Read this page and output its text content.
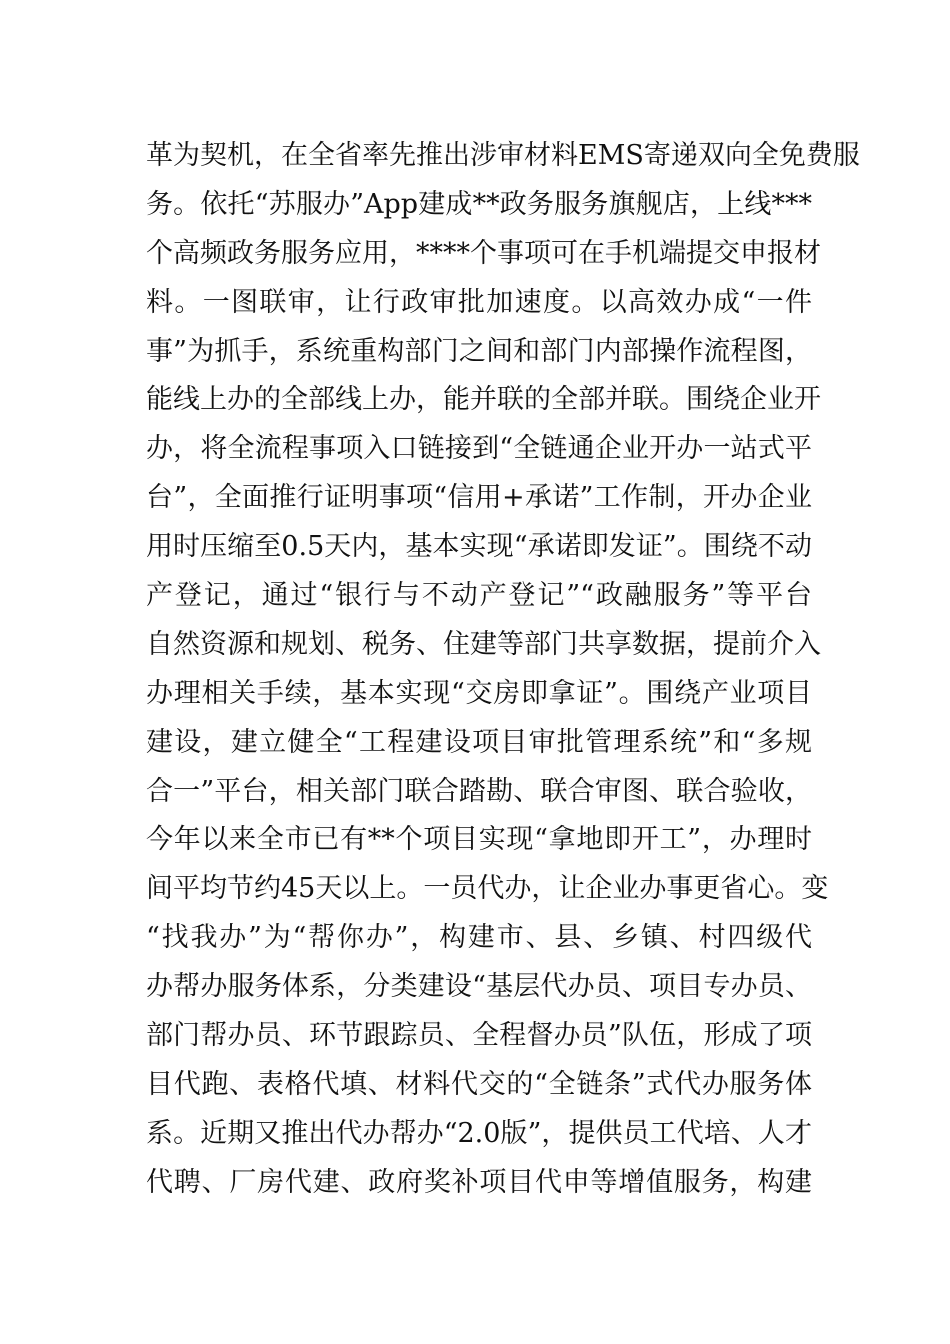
革为契机，在全省率先推出涉审材料EMS寄递双向全免费服
务。依托“苏服办”App建成**政务服务旗舰店，上线***
个高频政务服务应用，****个事项可在手机端提交申报材
料。一图联审，让行政审批加速度。以高效办成“一件
事”为抓手，系统重构部门之间和部门内部操作流程图，
能线上办的全部线上办，能并联的全部并联。围绕企业开
办，将全流程事项入口链接到“全链通企业开办一站式平
台”，全面推行证明事项“信用+承诺”工作制，开办企业
用时压缩至0.5天内，基本实现“承诺即发证”。围绕不动
产登记，通过“银行与不动产登记”“政融服务”等平台
自然资源和规划、税务、住建等部门共享数据，提前介入
办理相关手续，基本实现“交房即拿证”。围绕产业项目
建设，建立健全“工程建设项目审批管理系统”和“多规
合一”平台，相关部门联合踏勘、联合审图、联合验收，
今年以来全市已有**个项目实现“拿地即开工”，办理时
间平均节约45天以上。一员代办，让企业办事更省心。变
“找我办”为“帮你办”，构建市、县、乡镇、村四级代
办帮办服务体系，分类建设“基层代办员、项目专办员、
部门帮办员、环节跟踪员、全程督办员”队伍，形成了项
目代跑、表格代填、材料代交的“全链条”式代办服务体
系。近期又推出代办帮办“2.0版”，提供员工代培、人才
代聘、厂房代建、政府奖补项目代申等增值服务，构建
